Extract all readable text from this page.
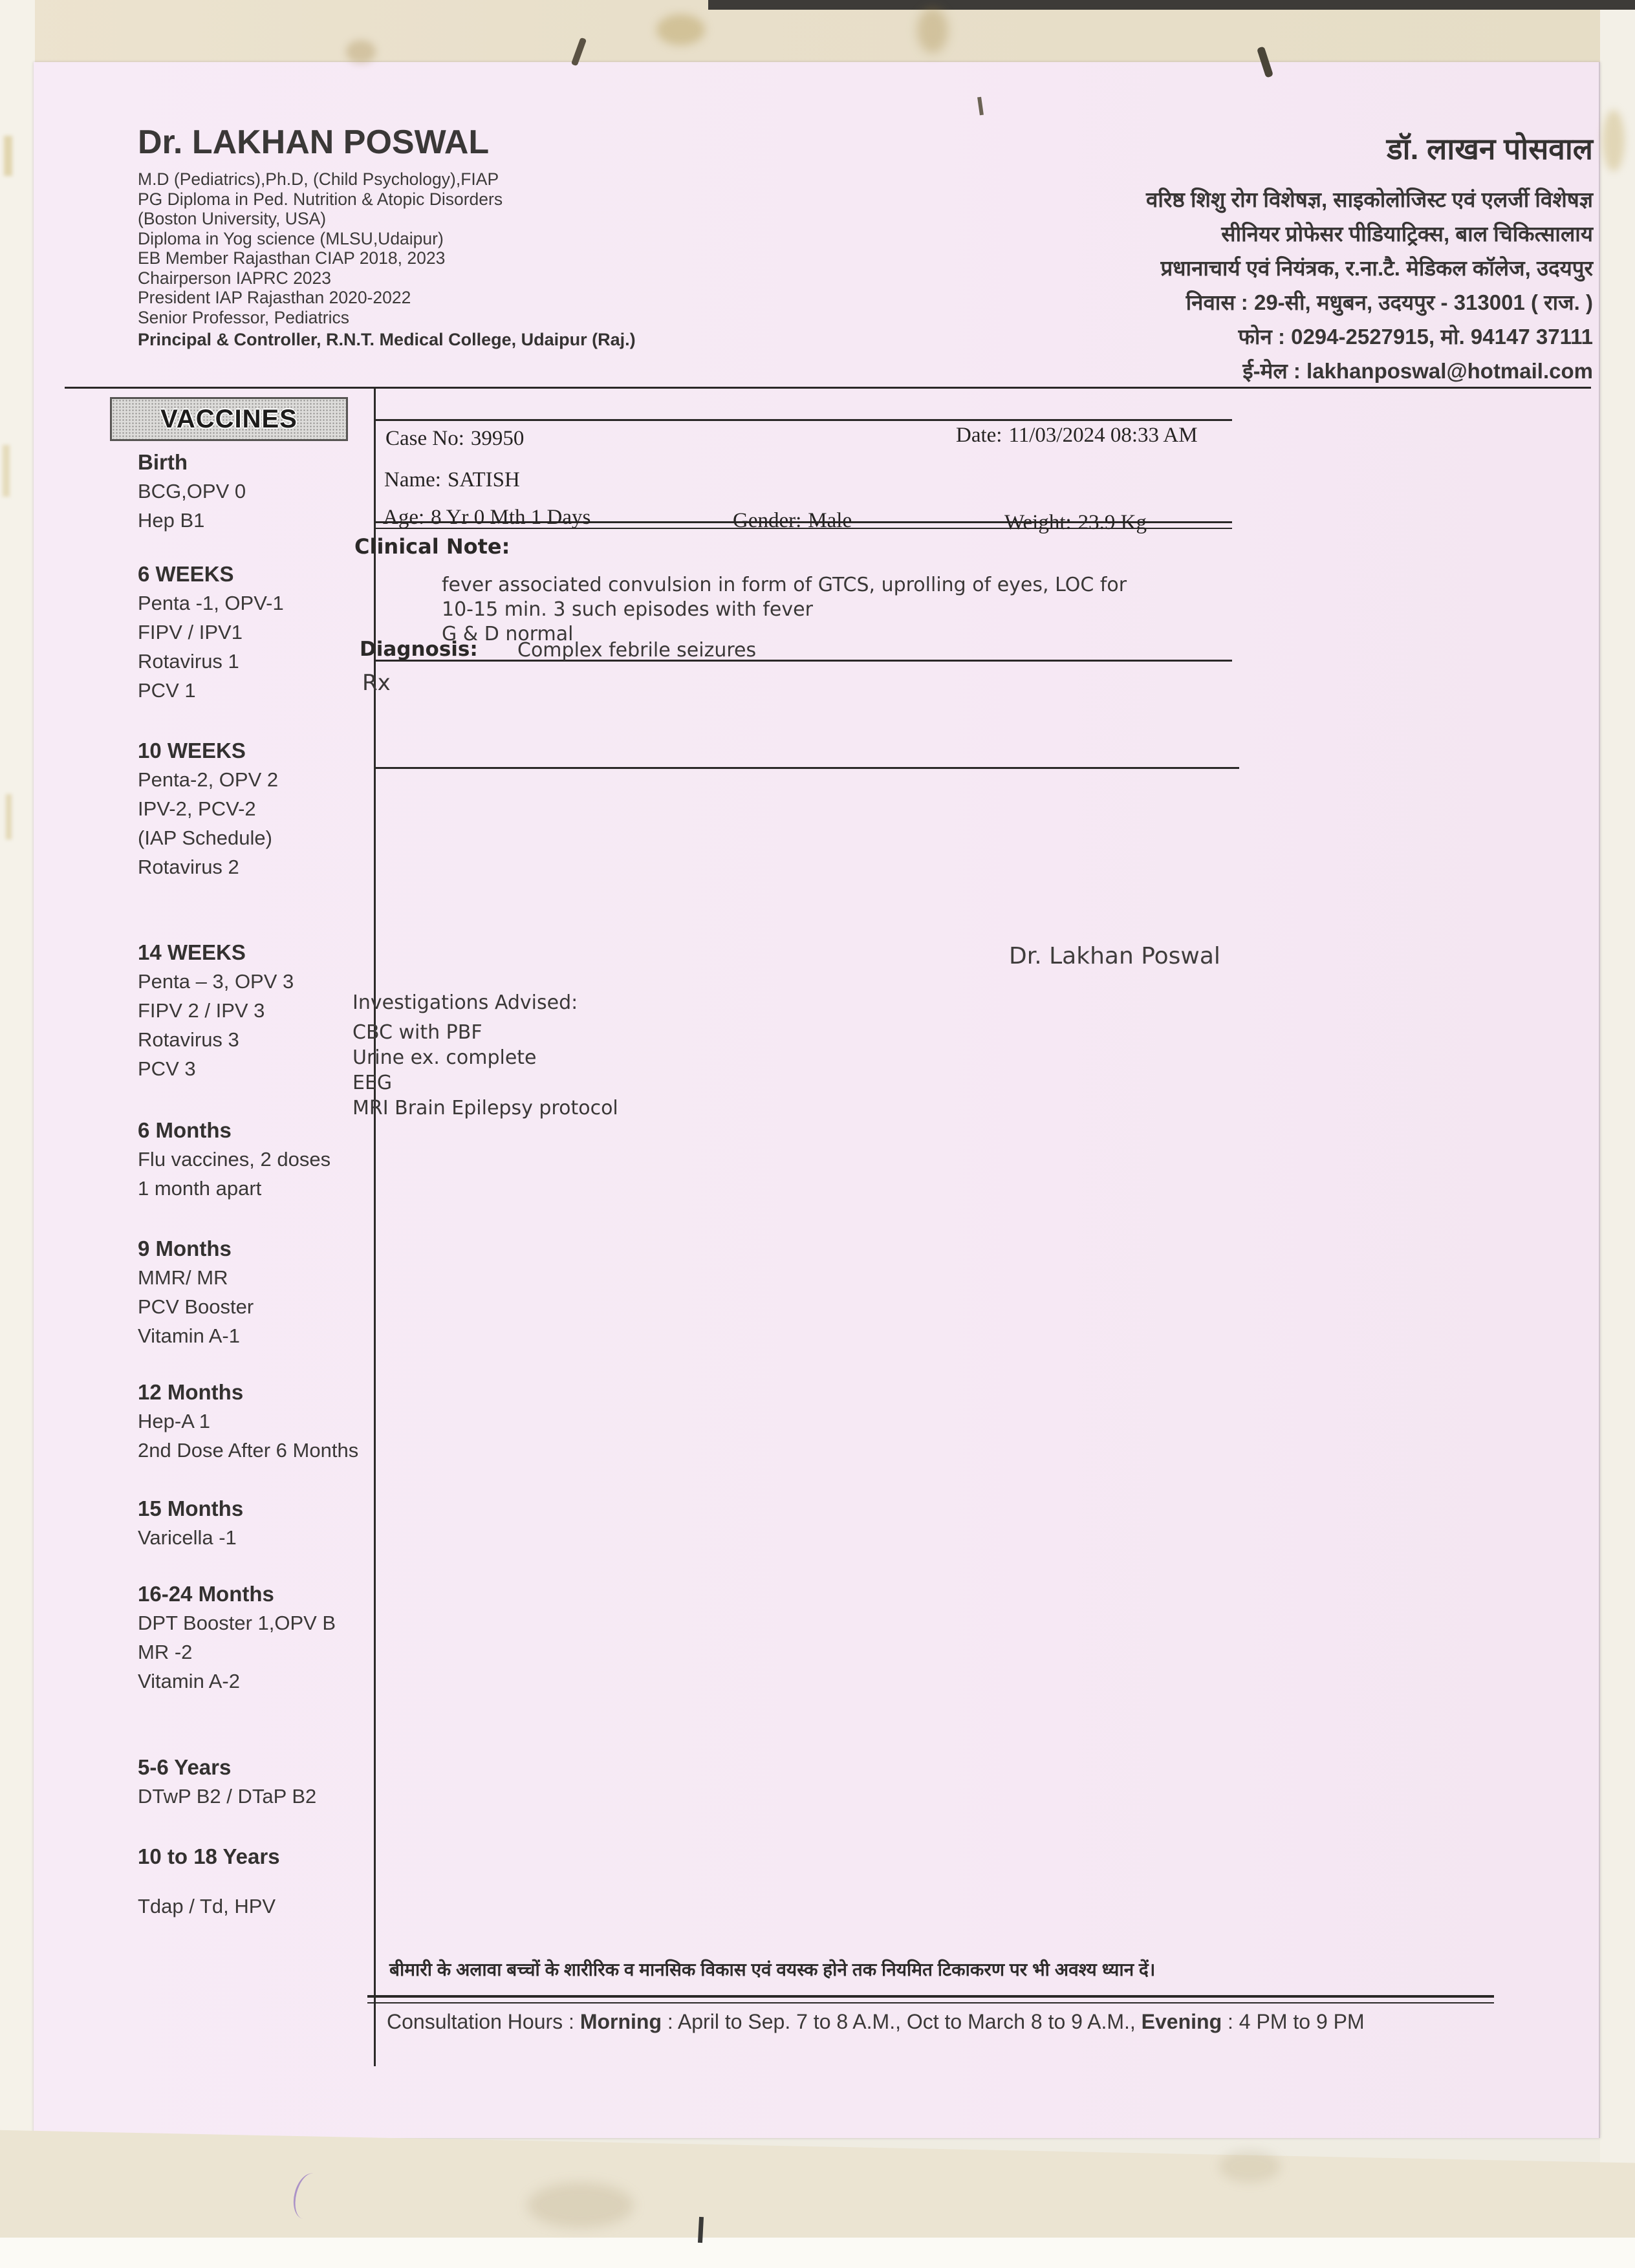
Dr. LAKHAN POSWAL
M.D (Pediatrics),Ph.D, (Child Psychology),FIAP
PG Diploma in Ped. Nutrition & Atopic Disorders
(Boston University, USA)
Diploma in Yog science (MLSU,Udaipur)
EB Member Rajasthan CIAP 2018, 2023
Chairperson IAPRC 2023
President IAP Rajasthan 2020-2022
Senior Professor, Pediatrics
Principal & Controller, R.N.T. Medical College, Udaipur (Raj.)
डॉ. लाखन पोसवाल
वरिष्ठ शिशु रोग विशेषज्ञ, साइकोलोजिस्ट एवं एलर्जी विशेषज्ञ
सीनियर प्रोफेसर पीडियाट्रिक्स, बाल चिकित्सालाय
प्रधानाचार्य एवं नियंत्रक, र.ना.टै. मेडिकल कॉलेज, उदयपुर
निवास : 29-सी, मधुबन, उदयपुर - 313001 ( राज. )
फोन : 0294-2527915, मो. 94147 37111
ई-मेल : lakhanposwal@hotmail.com
VACCINES
Birth
BCG,OPV 0
Hep B1
6 WEEKS
Penta -1, OPV-1
FIPV / IPV1
Rotavirus 1
PCV 1
10 WEEKS
Penta-2, OPV 2
IPV-2, PCV-2
(IAP Schedule)
Rotavirus 2
14 WEEKS
Penta – 3, OPV 3
FIPV 2 / IPV 3
Rotavirus 3
PCV 3
6 Months
Flu vaccines, 2 doses
1 month apart
9 Months
MMR/ MR
PCV Booster
Vitamin A-1
12 Months
Hep-A 1
2nd Dose After 6 Months
15 Months
Varicella -1
16-24 Months
DPT Booster 1,OPV B
MR -2
Vitamin A-2
5-6 Years
DTwP B2 / DTaP B2
10 to 18 Years
Tdap / Td, HPV
Case No: 39950	Date: 11/03/2024 08:33 AM
Name: SATISH
Age: 8 Yr 0 Mth 1 Days	Gender: Male	Weight: 23.9 Kg
Clinical Note:
fever associated convulsion in form of GTCS, uprolling of eyes, LOC for
10-15 min. 3 such episodes with fever
G & D normal
Diagnosis: Complex febrile seizures
Rx
Dr. Lakhan Poswal
Investigations Advised:
CBC with PBF
Urine ex. complete
EEG
MRI Brain Epilepsy protocol
बीमारी के अलावा बच्चों के शारीरिक व मानसिक विकास एवं वयस्क होने तक नियमित टिकाकरण पर भी अवश्य ध्यान दें।
Consultation Hours : Morning : April to Sep. 7 to 8 A.M., Oct to March 8 to 9 A.M., Evening : 4 PM to 9 PM
